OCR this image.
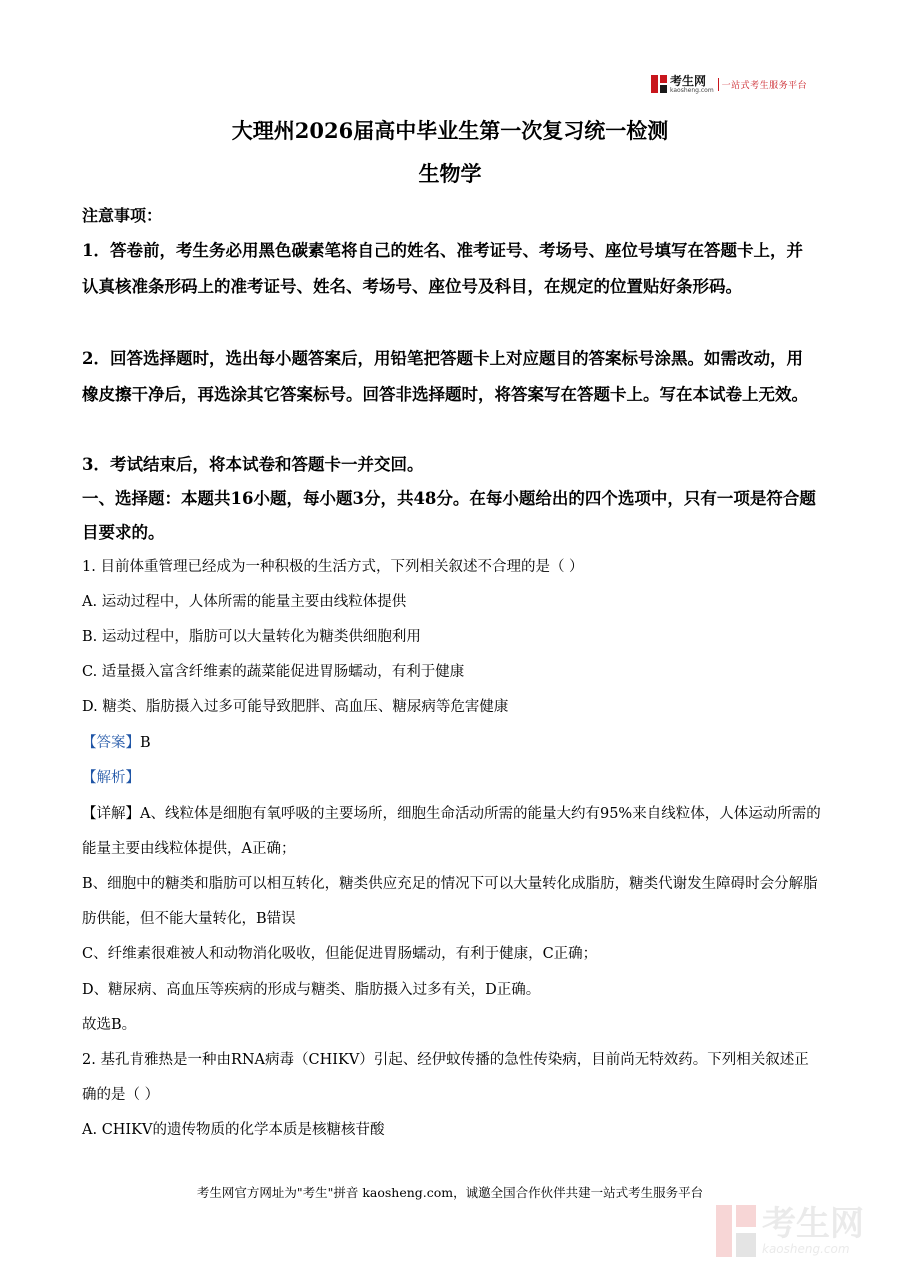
考生网
kaosheng.com 一站式考生服务平台
大理州2026届高中毕业生第一次复习统一检测
生物学
注意事项：
1．答卷前，考生务必用黑色碳素笔将自己的姓名、准考证号、考场号、座位号填写在答题卡上，并认真核准条形码上的准考证号、姓名、考场号、座位号及科目，在规定的位置贴好条形码。
2．回答选择题时，选出每小题答案后，用铅笔把答题卡上对应题目的答案标号涂黑。如需改动，用橡皮擦干净后，再选涂其它答案标号。回答非选择题时，将答案写在答题卡上。写在本试卷上无效。
3．考试结束后，将本试卷和答题卡一并交回。
一、选择题：本题共16小题，每小题3分，共48分。在每小题给出的四个选项中，只有一项是符合题目要求的。
1. 目前体重管理已经成为一种积极的生活方式，下列相关叙述不合理的是（ ）
A. 运动过程中，人体所需的能量主要由线粒体提供
B. 运动过程中，脂肪可以大量转化为糖类供细胞利用
C. 适量摄入富含纤维素的蔬菜能促进胃肠蠕动，有利于健康
D. 糖类、脂肪摄入过多可能导致肥胖、高血压、糖尿病等危害健康
【答案】B
【解析】
【详解】A、线粒体是细胞有氧呼吸的主要场所，细胞生命活动所需的能量大约有95%来自线粒体，人体运动所需的能量主要由线粒体提供，A正确；
B、细胞中的糖类和脂肪可以相互转化，糖类供应充足的情况下可以大量转化成脂肪，糖类代谢发生障碍时会分解脂肪供能，但不能大量转化，B错误
C、纤维素很难被人和动物消化吸收，但能促进胃肠蠕动，有利于健康，C正确；
D、糖尿病、高血压等疾病的形成与糖类、脂肪摄入过多有关，D正确。
故选B。
2. 基孔肯雅热是一种由RNA病毒（CHIKV）引起、经伊蚊传播的急性传染病，目前尚无特效药。下列相关叙述正确的是（ ）
A. CHIKV的遗传物质的化学本质是核糖核苷酸
考生网官方网址为"考生"拼音 kaosheng.com，诚邀全国合作伙伴共建一站式考生服务平台
考生网
kaosheng.com
